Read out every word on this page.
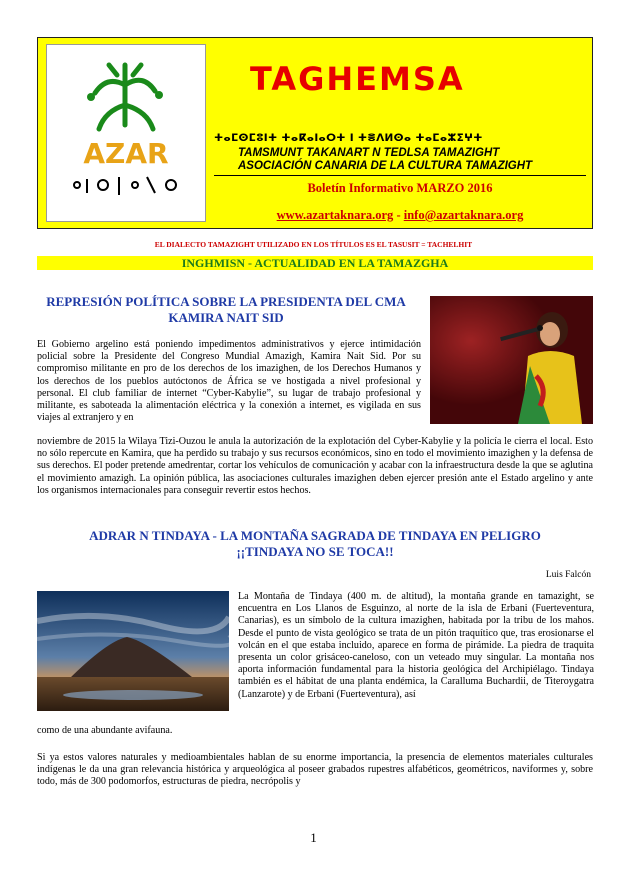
AZAR
TAGHEMSA
ⵜⴰⵎⵙⵎⵓⵏⵜ ⵜⴰⴽⴰⵏⴰⵔⵜ ⵏ ⵜⴻⴷⵍⵙⴰ ⵜⴰⵎⴰⵣⵉⵖⵜ
TAMSMUNT TAKANART N TEDLSA TAMAZIGHT
ASOCIACIÓN CANARIA DE LA CULTURA TAMAZIGHT
Boletín Informativo MARZO 2016
www.azartaknara.org - info@azartaknara.org
EL DIALECTO TAMAZIGHT UTILIZADO EN LOS TÍTULOS ES EL TASUSIT = TACHELHIT
INGHMISN - ACTUALIDAD EN LA TAMAZGHA
REPRESIÓN POLÍTICA SOBRE LA PRESIDENTA DEL CMA
KAMIRA NAIT SID
El Gobierno argelino está poniendo impedimentos administrativos y ejerce intimidación policial sobre la Presidente del Congreso Mundial Amazigh, Kamira Nait Sid. Por su compromiso militante en pro de los derechos de los imazighen, de los Derechos Humanos y los derechos de los pueblos autóctonos de África se ve hostigada a nivel profesional y personal. El club familiar de internet “Cyber-Kabylie”, su lugar de trabajo profesional y militante, es saboteada la alimentación eléctrica y la conexión a internet, es vigilada en sus viajes al extranjero y en
noviembre de 2015 la Wilaya Tizi-Ouzou le anula la autorización de la explotación del Cyber-Kabylie y la policía le cierra el local. Esto no sólo repercute en Kamira, que ha perdido su trabajo y sus recursos económicos, sino en todo el movimiento imazighen y la defensa de sus derechos. El poder pretende amedrentar, cortar los vehículos de comunicación y acabar con la infraestructura desde la que se aglutina el movimiento amazigh. La opinión pública, las asociaciones culturales imazighen deben ejercer presión ante el Estado argelino y ante los organismos internacionales para conseguir revertir estos hechos.
ADRAR N TINDAYA - LA MONTAÑA SAGRADA DE TINDAYA EN PELIGRO
¡¡TINDAYA NO SE TOCA!!
Luis Falcón
La Montaña de Tindaya (400 m. de altitud), la montaña grande en tamazight, se encuentra en Los Llanos de Esguinzo, al norte de la isla de Erbani (Fuerteventura, Canarias), es un símbolo de la cultura imazighen, habitada por la tribu de los mahos. Desde el punto de vista geológico se trata de un pitón traquítico que, tras erosionarse el volcán en el que estaba incluido, aparece en forma de pirámide. La piedra de traquita presenta un color grisáceo-caneloso, con un veteado muy singular. La montaña nos aporta información fundamental para la historia geológica del Archipiélago. Tindaya también es el hábitat de una planta endémica, la Caralluma Buchardii, de Titeroygatra (Lanzarote) y de Erbani (Fuerteventura), así
como de una abundante avifauna.
Si ya estos valores naturales y medioambientales hablan de su enorme importancia, la presencia de elementos materiales culturales indígenas le da una gran relevancia histórica y arqueológica al poseer grabados rupestres alfabéticos, geométricos, naviformes y, sobre todo, más de 300 podomorfos, estructuras de piedra, necrópolis y
1
